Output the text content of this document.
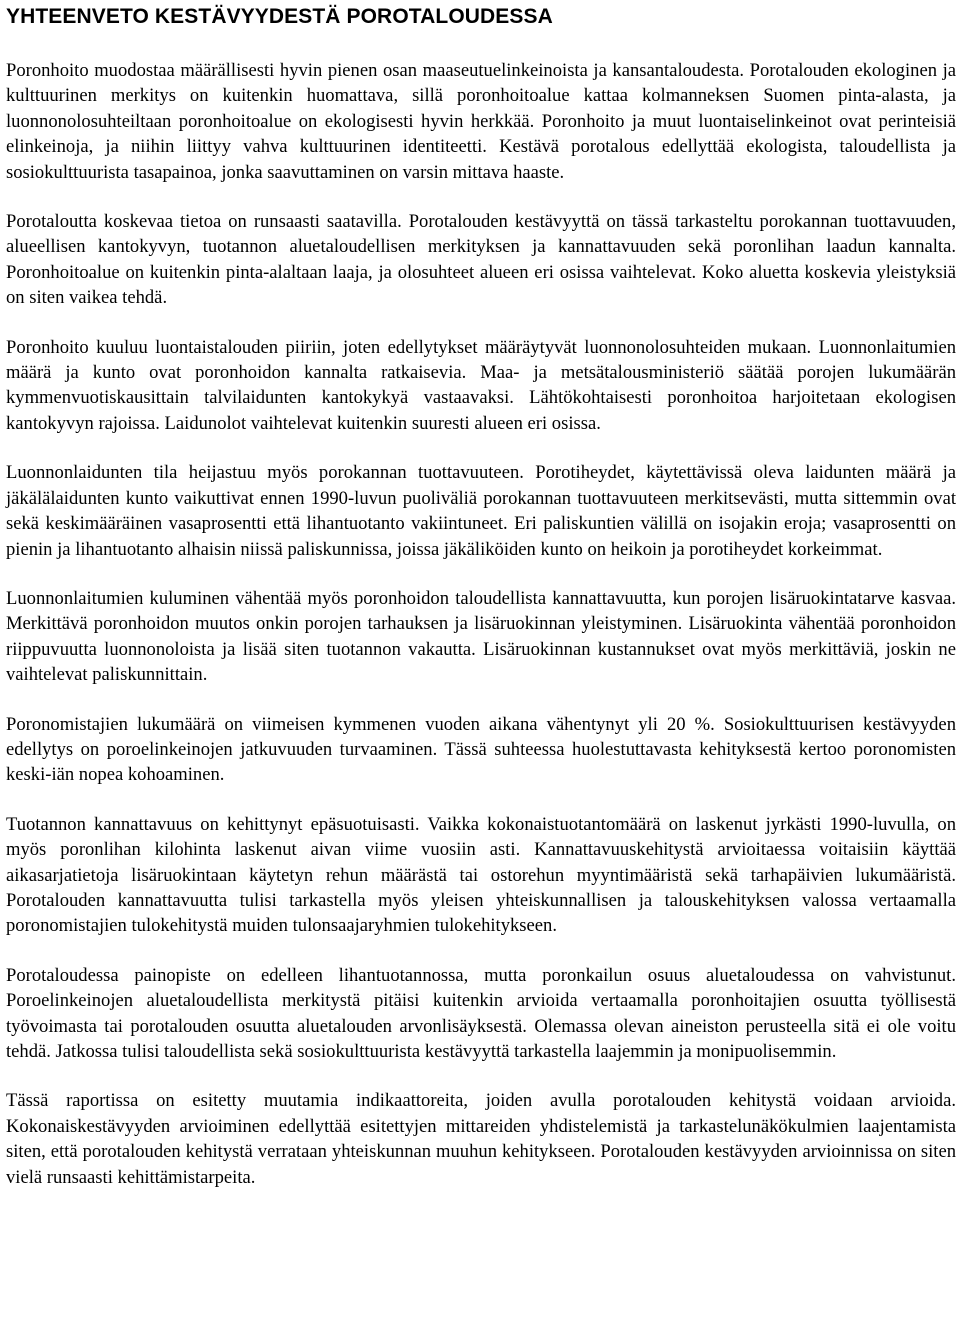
YHTEENVETO KESTÄVYYDESTÄ POROTALOUDESSA

Poronhoito muodostaa määrällisesti hyvin pienen osan maaseutuelinkeinoista ja kansantaloudesta. Porotalouden ekologinen ja kulttuurinen merkitys on kuitenkin huomattava, sillä poronhoitoalue kattaa kolmanneksen Suomen pinta-alasta, ja luonnonolosuhteiltaan poronhoitoalue on ekologisesti hyvin herkkää. Poronhoito ja muut luontaiselinkeinot ovat perinteisiä elinkeinoja, ja niihin liittyy vahva kulttuurinen identiteetti. Kestävä porotalous edellyttää ekologista, taloudellista ja sosiokulttuurista tasapainoa, jonka saavuttaminen on varsin mittava haaste.

Porotaloutta koskevaa tietoa on runsaasti saatavilla. Porotalouden kestävyyttä on tässä tarkasteltu porokannan tuottavuuden, alueellisen kantokyvyn, tuotannon aluetaloudellisen merkityksen ja kannattavuuden sekä poronlihan laadun kannalta. Poronhoitoalue on kuitenkin pinta-alaltaan laaja, ja olosuhteet alueen eri osissa vaihtelevat. Koko aluetta koskevia yleistyksiä on siten vaikea tehdä.

Poronhoito kuuluu luontaistalouden piiriin, joten edellytykset määräytyvät luonnonolosuhteiden mukaan. Luonnonlaitumien määrä ja kunto ovat poronhoidon kannalta ratkaisevia. Maa- ja metsätalousministeriö säätää porojen lukumäärän kymmenvuotiskausittain talvilaidunten kantokykyä vastaavaksi. Lähtökohtaisesti poronhoitoa harjoitetaan ekologisen kantokyvyn rajoissa. Laidunolot vaihtelevat kuitenkin suuresti alueen eri osissa.

Luonnonlaidunten tila heijastuu myös porokannan tuottavuuteen. Porotiheydet, käytettävissä oleva laidunten määrä ja jäkälälaidunten kunto vaikuttivat ennen 1990-luvun puoliväliä porokannan tuottavuuteen merkitsevästi, mutta sittemmin ovat sekä keskimääräinen vasaprosentti että lihantuotanto vakiintuneet. Eri paliskuntien välillä on isojakin eroja; vasaprosentti on pienin ja lihantuotanto alhaisin niissä paliskunnissa, joissa jäkäliköiden kunto on heikoin ja porotiheydet korkeimmat.

Luonnonlaitumien kuluminen vähentää myös poronhoidon taloudellista kannattavuutta, kun porojen lisäruokintatarve kasvaa. Merkittävä poronhoidon muutos onkin porojen tarhauksen ja lisäruokinnan yleistyminen. Lisäruokinta vähentää poronhoidon riippuvuutta luonnonoloista ja lisää siten tuotannon vakautta. Lisäruokinnan kustannukset ovat myös merkittäviä, joskin ne vaihtelevat paliskunnittain.

Poronomistajien lukumäärä on viimeisen kymmenen vuoden aikana vähentynyt yli 20 %. Sosiokulttuurisen kestävyyden edellytys on poroelinkeinojen jatkuvuuden turvaaminen. Tässä suhteessa huolestuttavasta kehityksestä kertoo poronomisten keski-iän nopea kohoaminen.

Tuotannon kannattavuus on kehittynyt epäsuotuisasti. Vaikka kokonaistuotantomäärä on laskenut jyrkästi 1990-luvulla, on myös poronlihan kilohinta laskenut aivan viime vuosiin asti. Kannattavuuskehitystä arvioitaessa voitaisiin käyttää aikasarjatietoja lisäruokintaan käytetyn rehun määrästä tai ostorehun myyntimääristä sekä tarhapäivien lukumääristä. Porotalouden kannattavuutta tulisi tarkastella myös yleisen yhteiskunnallisen ja talouskehityksen valossa vertaamalla poronomistajien tulokehitystä muiden tulonsaajaryhmien tulokehitykseen.

Porotaloudessa painopiste on edelleen lihantuotannossa, mutta poronkailun osuus aluetaloudessa on vahvistunut. Poroelinkeinojen aluetaloudellista merkitystä pitäisi kuitenkin arvioida vertaamalla poronhoitajien osuutta työllisestä työvoimasta tai porotalouden osuutta aluetalouden arvonlisäyksestä. Olemassa olevan aineiston perusteella sitä ei ole voitu tehdä. Jatkossa tulisi taloudellista sekä sosiokulttuurista kestävyyttä tarkastella laajemmin ja monipuolisemmin.

Tässä raportissa on esitetty muutamia indikaattoreita, joiden avulla porotalouden kehitystä voidaan arvioida. Kokonaiskestävyyden arvioiminen edellyttää esitettyjen mittareiden yhdistelemistä ja tarkastelunäkökulmien laajentamista siten, että porotalouden kehitystä verrataan yhteiskunnan muuhun kehitykseen. Porotalouden kestävyyden arvioinnissa on siten vielä runsaasti kehittämistarpeita.
